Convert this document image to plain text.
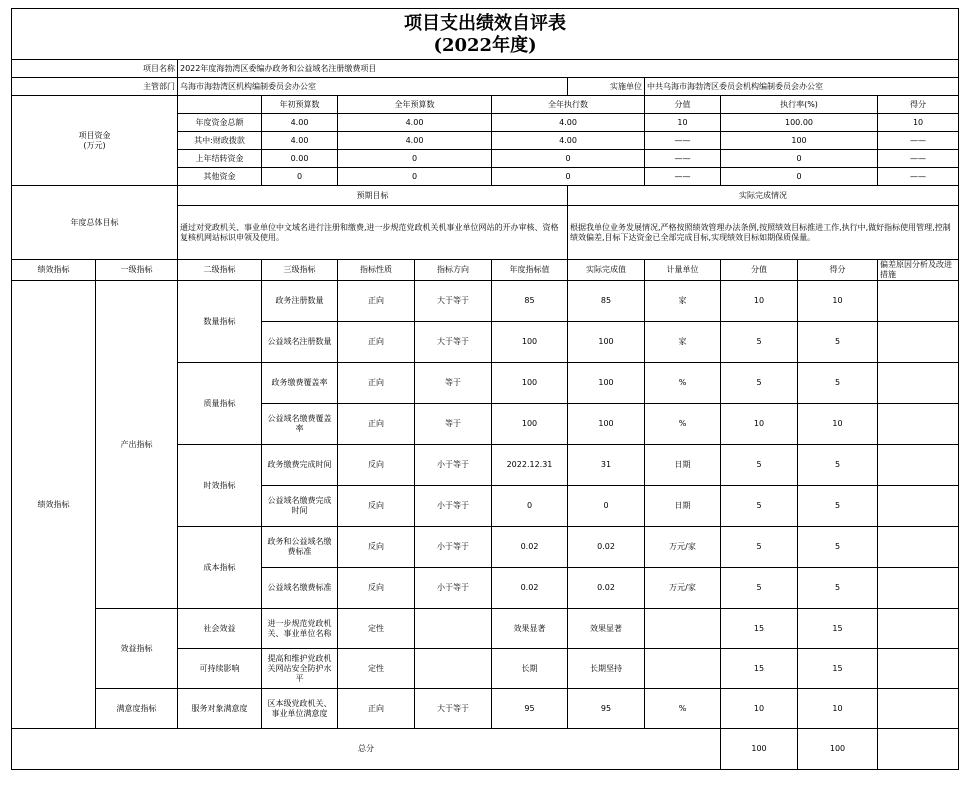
项目支出绩效自评表
(2022年度)											

项目名称		2022年度海勃湾区委编办政务和公益域名注册缴费项目									
主管部门		乌海市海勃湾区机构编制委员会办公室					实施单位	中共乌海市海勃湾区委员会机构编制委员会办公室			
项目资金
(万元)			年初预算数	全年预算数		全年执行数		分值	执行率(%)		得分
		年度资金总额	4.00	4.00		4.00		10	100.00		10
		其中:财政拨款	4.00	4.00		4.00		——	100		——
		上年结转资金	0.00	0		0		——	0		——
		其他资金	0	0		0		——	0		——
年度总体目标		预期目标					实际完成情况				
		通过对党政机关、事业单位中文域名进行注册和缴费,进一步规范党政机关机事业单位网站的开办审核、资格复核机网站标识申领及使用。					根据我单位业务发展情况,严格按照绩效管理办法条例,按照绩效目标推进工作,执行中,做好指标使用管理,控制绩效偏差,目标下达资金已全部完成目标,实现绩效目标如期保质保量。				
绩效指标	一级指标	二级指标	三级指标	指标性质	指标方向	年度指标值	实际完成值	计量单位	分值	得分	偏差原因分析及改进措施
绩效指标	产出指标	数量指标	政务注册数量	正向	大于等于	85	85	家	10	10	
			公益域名注册数量	正向	大于等于	100	100	家	5	5	
		质量指标	政务缴费覆盖率	正向	等于	100	100	%	5	5	
			公益域名缴费覆盖率	正向	等于	100	100	%	10	10	
		时效指标	政务缴费完成时间	反向	小于等于	2022.12.31	31	日期	5	5	
			公益域名缴费完成时间	反向	小于等于	0	0	日期	5	5	
		成本指标	政务和公益域名缴费标准	反向	小于等于	0.02	0.02	万元/家	5	5	
			公益域名缴费标准	反向	小于等于	0.02	0.02	万元/家	5	5	
	效益指标	社会效益	进一步规范党政机关、事业单位名称	定性		效果显著	效果显著		15	15	
		可持续影响	提高和维护党政机关网站安全防护水平	定性		长期	长期坚持		15	15	
	满意度指标	服务对象满意度	区本级党政机关、事业单位满意度	正向	大于等于	95	95	%	10	10	
总分									100	100	
